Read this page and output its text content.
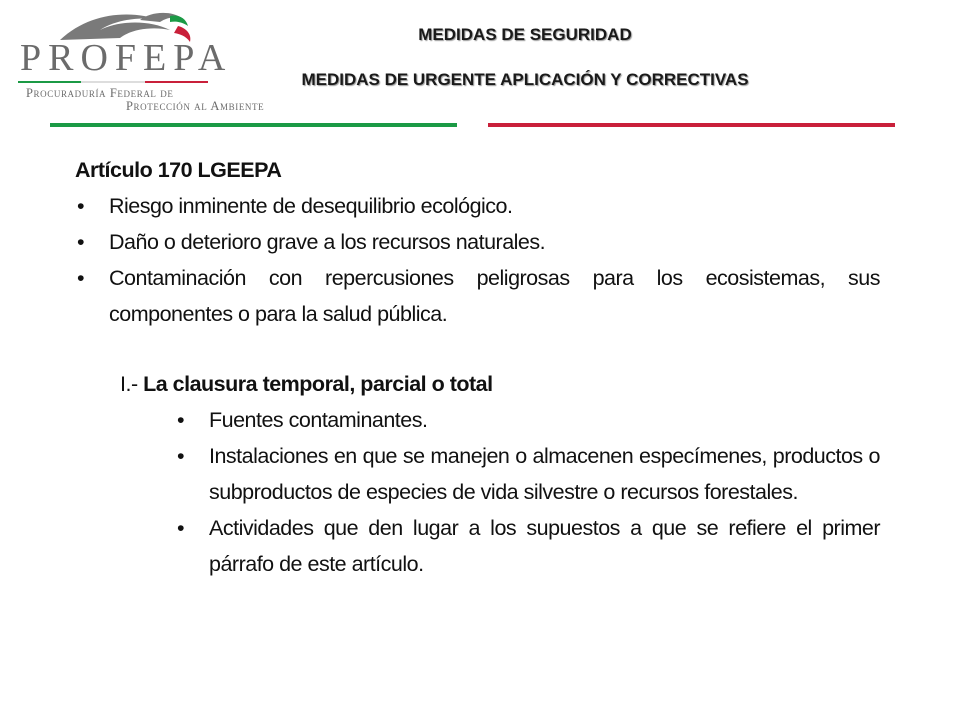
PROFEPA
Procuraduría Federal de
Protección al Ambiente
MEDIDAS DE SEGURIDAD
MEDIDAS DE URGENTE APLICACIÓN Y CORRECTIVAS
Artículo 170 LGEEPA
• Riesgo inminente de desequilibrio ecológico.
• Daño o deterioro grave a los recursos naturales.
• Contaminación con repercusiones peligrosas para los ecosistemas, sus componentes o para la salud pública.
I.- La clausura temporal, parcial o total
• Fuentes contaminantes.
• Instalaciones en que se manejen o almacenen especímenes, productos o subproductos de especies de vida silvestre o recursos forestales.
• Actividades que den lugar a los supuestos a que se refiere el primer párrafo de este artículo.
